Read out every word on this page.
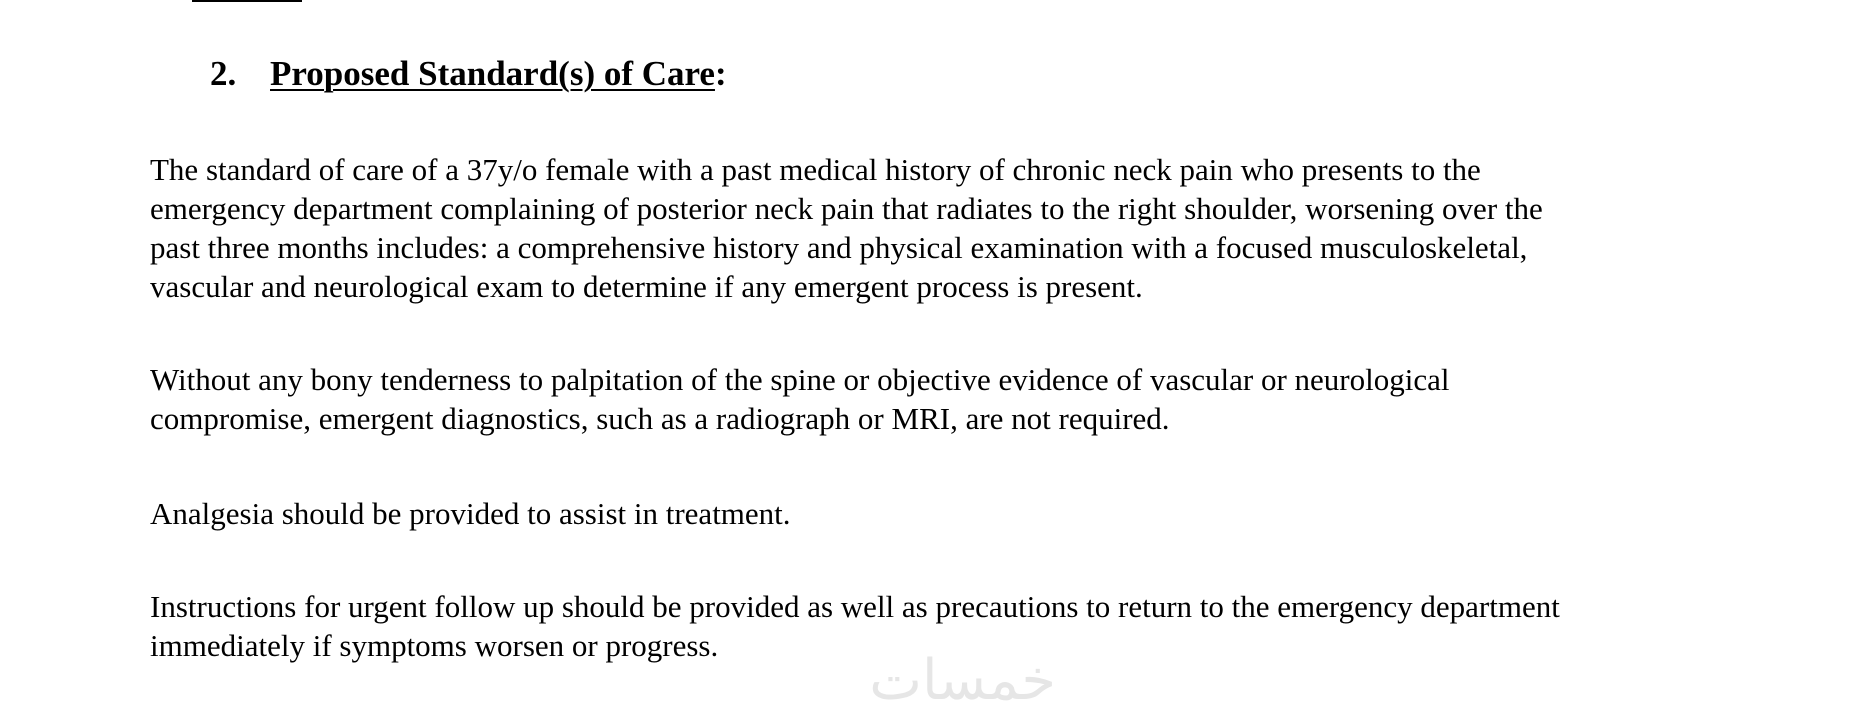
2. Proposed Standard(s) of Care:
The standard of care of a 37y/o female with a past medical history of chronic neck pain who presents to the
emergency department complaining of posterior neck pain that radiates to the right shoulder, worsening over the
past three months includes: a comprehensive history and physical examination with a focused musculoskeletal,
vascular and neurological exam to determine if any emergent process is present.
Without any bony tenderness to palpitation of the spine or objective evidence of vascular or neurological
compromise, emergent diagnostics, such as a radiograph or MRI, are not required.
Analgesia should be provided to assist in treatment.
Instructions for urgent follow up should be provided as well as precautions to return to the emergency department
immediately if symptoms worsen or progress.
خمسات
